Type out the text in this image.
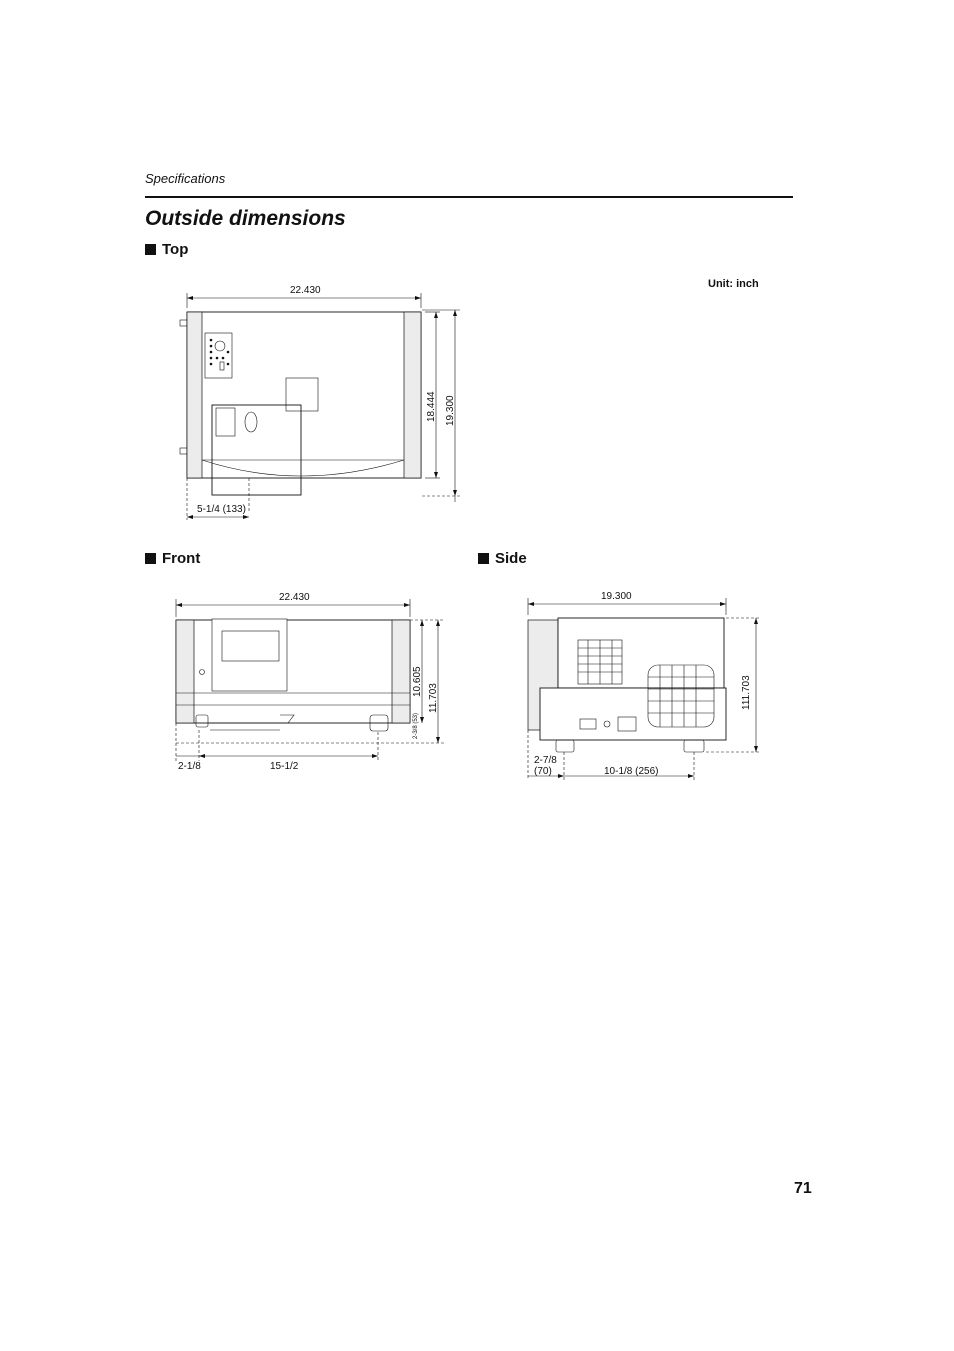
Specifications
Outside dimensions
Top
Unit: inch
22.430
18.444 19.300
5-1/4 (133)
Front
22.430
10.605
11.703
2-3/8 (53)
2-1/8	15-1/2
Side
19.300
111.703
2-7/8
(70)	10-1/8 (256)
71
